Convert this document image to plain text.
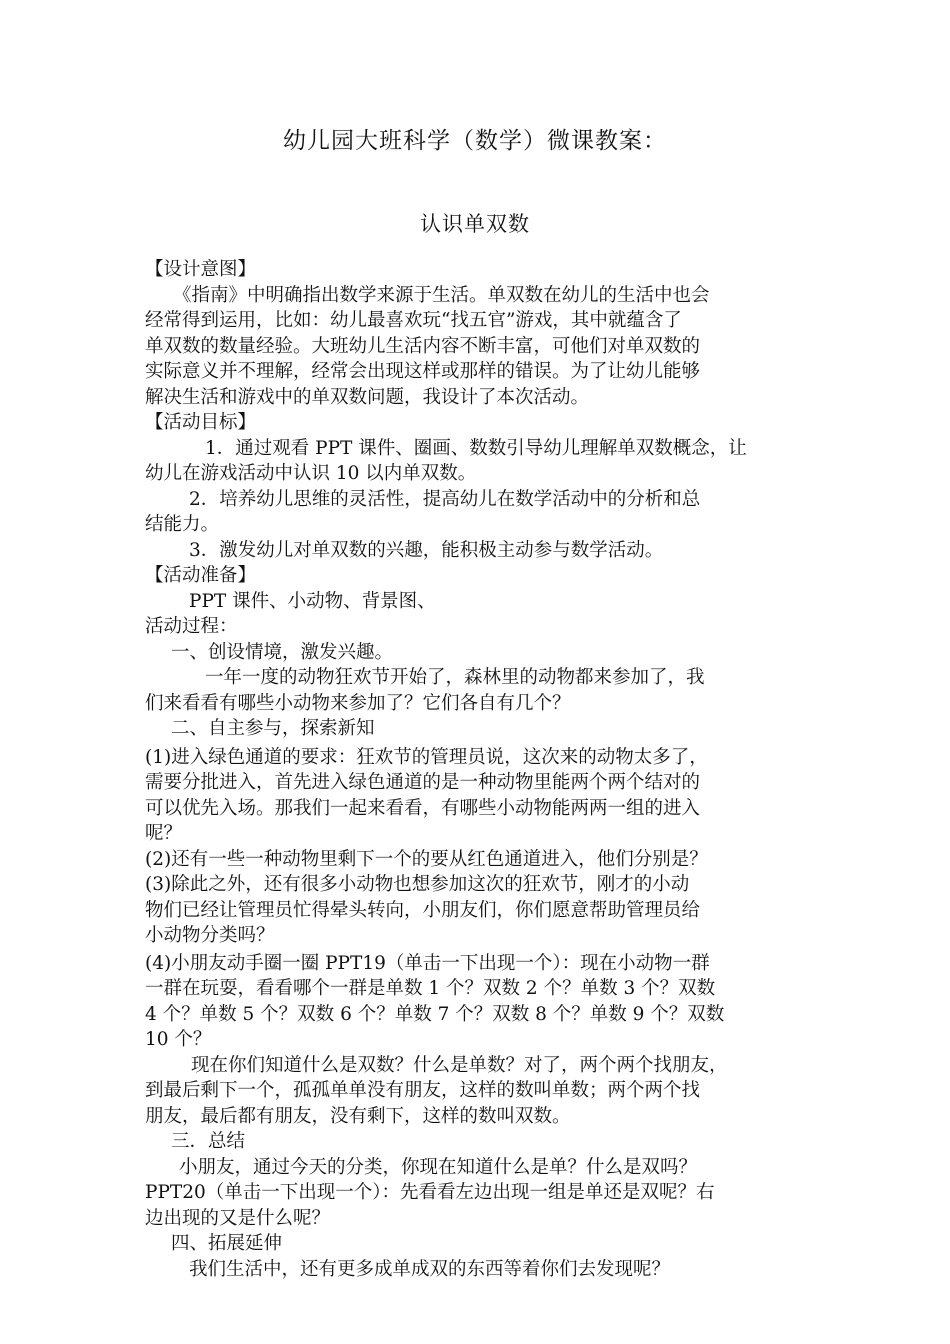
幼儿园大班科学（数学）微课教案：
认识单双数

【设计意图】

《指南》中明确指出数学来源于生活。单双数在幼儿的生活中也会

经常得到运用，比如：幼儿最喜欢玩“找五官”游戏，其中就蕴含了

单双数的数量经验。大班幼儿生活内容不断丰富，可他们对单双数的

实际意义并不理解，经常会出现这样或那样的错误。为了让幼儿能够

解决生活和游戏中的单双数问题，我设计了本次活动。

【活动目标】

1．通过观看 PPT 课件、圈画、数数引导幼儿理解单双数概念，让

幼儿在游戏活动中认识 10 以内单双数。

2．培养幼儿思维的灵活性，提高幼儿在数学活动中的分析和总

结能力。

3．激发幼儿对单双数的兴趣，能积极主动参与数学活动。

【活动准备】

PPT 课件、小动物、背景图、

活动过程：

一、创设情境，激发兴趣。

一年一度的动物狂欢节开始了，森林里的动物都来参加了，我

们来看看有哪些小动物来参加了？它们各自有几个？

二、自主参与，探索新知

(1)进入绿色通道的要求：狂欢节的管理员说，这次来的动物太多了，

需要分批进入，首先进入绿色通道的是一种动物里能两个两个结对的

可以优先入场。那我们一起来看看，有哪些小动物能两两一组的进入

呢？

(2)还有一些一种动物里剩下一个的要从红色通道进入，他们分别是？

(3)除此之外，还有很多小动物也想参加这次的狂欢节，刚才的小动

物们已经让管理员忙得晕头转向，小朋友们，你们愿意帮助管理员给

小动物分类吗？

(4)小朋友动手圈一圈 PPT19（单击一下出现一个）：现在小动物一群

一群在玩耍，看看哪个一群是单数 1 个？双数 2 个？单数 3 个？双数

4 个？单数 5 个？双数 6 个？单数 7 个？双数 8 个？单数 9 个？双数

10 个？

现在你们知道什么是双数？什么是单数？对了，两个两个找朋友，

到最后剩下一个，孤孤单单没有朋友，这样的数叫单数；两个两个找

朋友，最后都有朋友，没有剩下，这样的数叫双数。

三．总结

小朋友，通过今天的分类，你现在知道什么是单？什么是双吗？

PPT20（单击一下出现一个）：先看看左边出现一组是单还是双呢？右

边出现的又是什么呢？

四、拓展延伸

我们生活中，还有更多成单成双的东西等着你们去发现呢？
